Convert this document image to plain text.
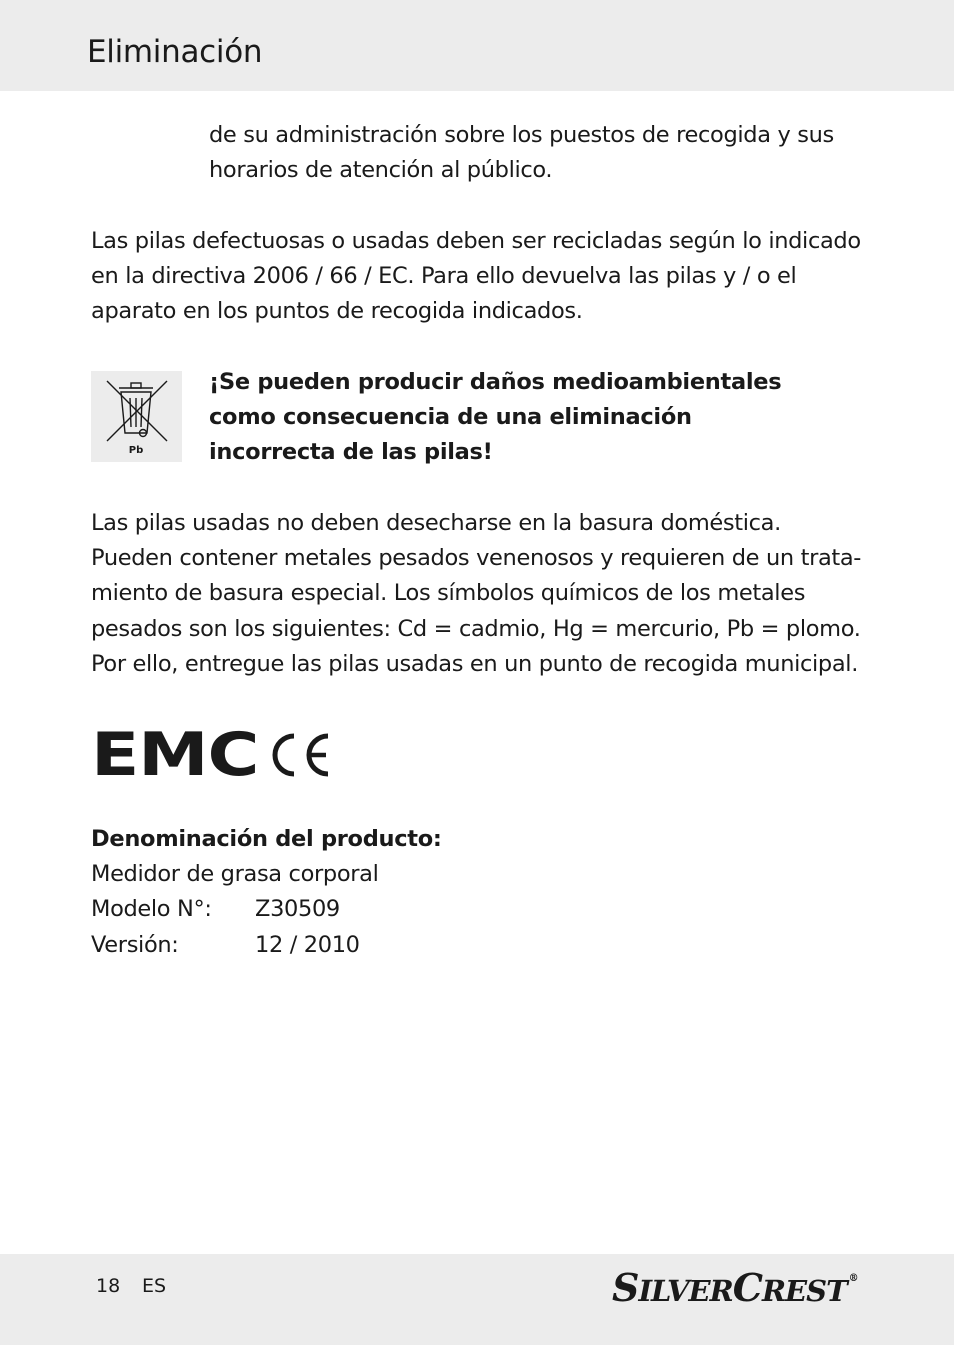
Eliminación
de su administración sobre los puestos de recogida y sus
horarios de atención al público.
Las pilas defectuosas o usadas deben ser recicladas según lo indicado
en la directiva 2006 / 66 / EC. Para ello devuelva las pilas y / o el
aparato en los puntos de recogida indicados.
Pb
¡Se pueden producir daños medioambientales
como consecuencia de una eliminación
incorrecta de las pilas!
Las pilas usadas no deben desecharse en la basura doméstica.
Pueden contener metales pesados venenosos y requieren de un trata-
miento de basura especial. Los símbolos químicos de los metales
pesados son los siguientes: Cd = cadmio, Hg = mercurio, Pb = plomo.
Por ello, entregue las pilas usadas en un punto de recogida municipal.
EMC
Denominación del producto:
Medidor de grasa corporal
Modelo N°: Z30509
Versión:	12 / 2010
18 ES	SILVERCREST ®
